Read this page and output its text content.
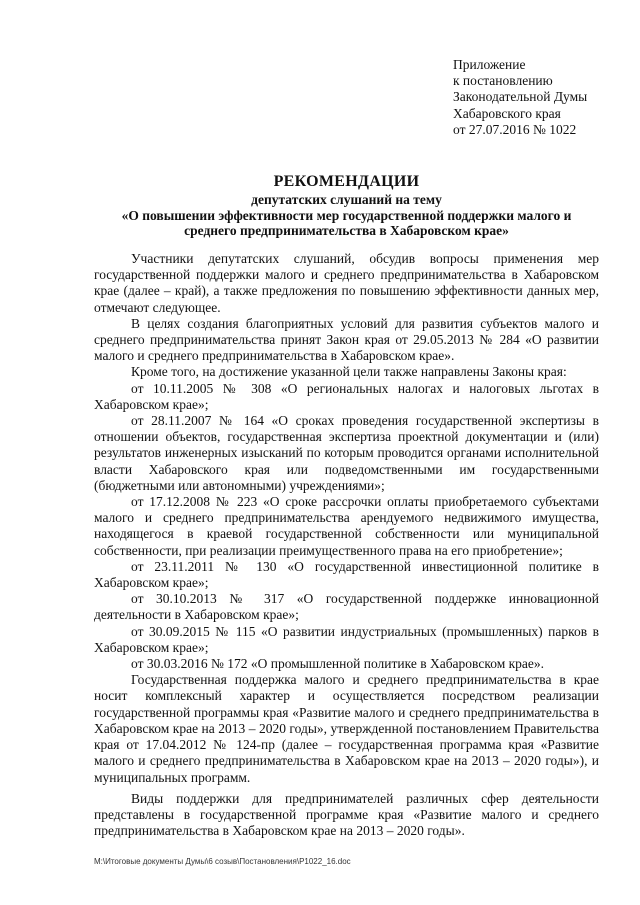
Приложение
к постановлению
Законодательной Думы
Хабаровского края
от 27.07.2016 № 1022
РЕКОМЕНДАЦИИ
депутатских слушаний на тему
«О повышении эффективности мер государственной поддержки малого и
среднего предпринимательства в Хабаровском крае»

Участники депутатских слушаний, обсудив вопросы применения мер государственной поддержки малого и среднего предпринимательства в Хабаровском крае (далее – край), а также предложения по повышению эффективности данных мер, отмечают следующее.

В целях создания благоприятных условий для развития субъектов малого и среднего предпринимательства принят Закон края от 29.05.2013 № 284 «О развитии малого и среднего предпринимательства в Хабаровском крае».

Кроме того, на достижение указанной цели также направлены Законы края:

от 10.11.2005 № 308 «О региональных налогах и налоговых льготах в Хабаровском крае»;

от 28.11.2007 № 164 «О сроках проведения государственной экспертизы в отношении объектов, государственная экспертиза проектной документации и (или) результатов инженерных изысканий по которым проводится органами исполнительной власти Хабаровского края или подведомственными им государственными (бюджетными или автономными) учреждениями»;

от 17.12.2008 № 223 «О сроке рассрочки оплаты приобретаемого субъектами малого и среднего предпринимательства арендуемого недвижимого имущества, находящегося в краевой государственной собственности или муниципальной собственности, при реализации преимущественного права на его приобретение»;

от 23.11.2011 № 130 «О государственной инвестиционной политике в Хабаровском крае»;

от 30.10.2013 № 317 «О государственной поддержке инновационной деятельности в Хабаровском крае»;

от 30.09.2015 № 115 «О развитии индустриальных (промышленных) парков в Хабаровском крае»;

от 30.03.2016 № 172 «О промышленной политике в Хабаровском крае».

Государственная поддержка малого и среднего предпринимательства в крае носит комплексный характер и осуществляется посредством реализации государственной программы края «Развитие малого и среднего предпринимательства в Хабаровском крае на 2013 – 2020 годы», утвержденной постановлением Правительства края от 17.04.2012 № 124-пр (далее – государственная программа края «Развитие малого и среднего предпринимательства в Хабаровском крае на 2013 – 2020 годы»), и муниципальных программ.

Виды поддержки для предпринимателей различных сфер деятельности представлены в государственной программе края «Развитие малого и среднего предпринимательства в Хабаровском крае на 2013 – 2020 годы».

M:\Итоговые документы Думы\6 созыв\Постановления\P1022_16.doc
